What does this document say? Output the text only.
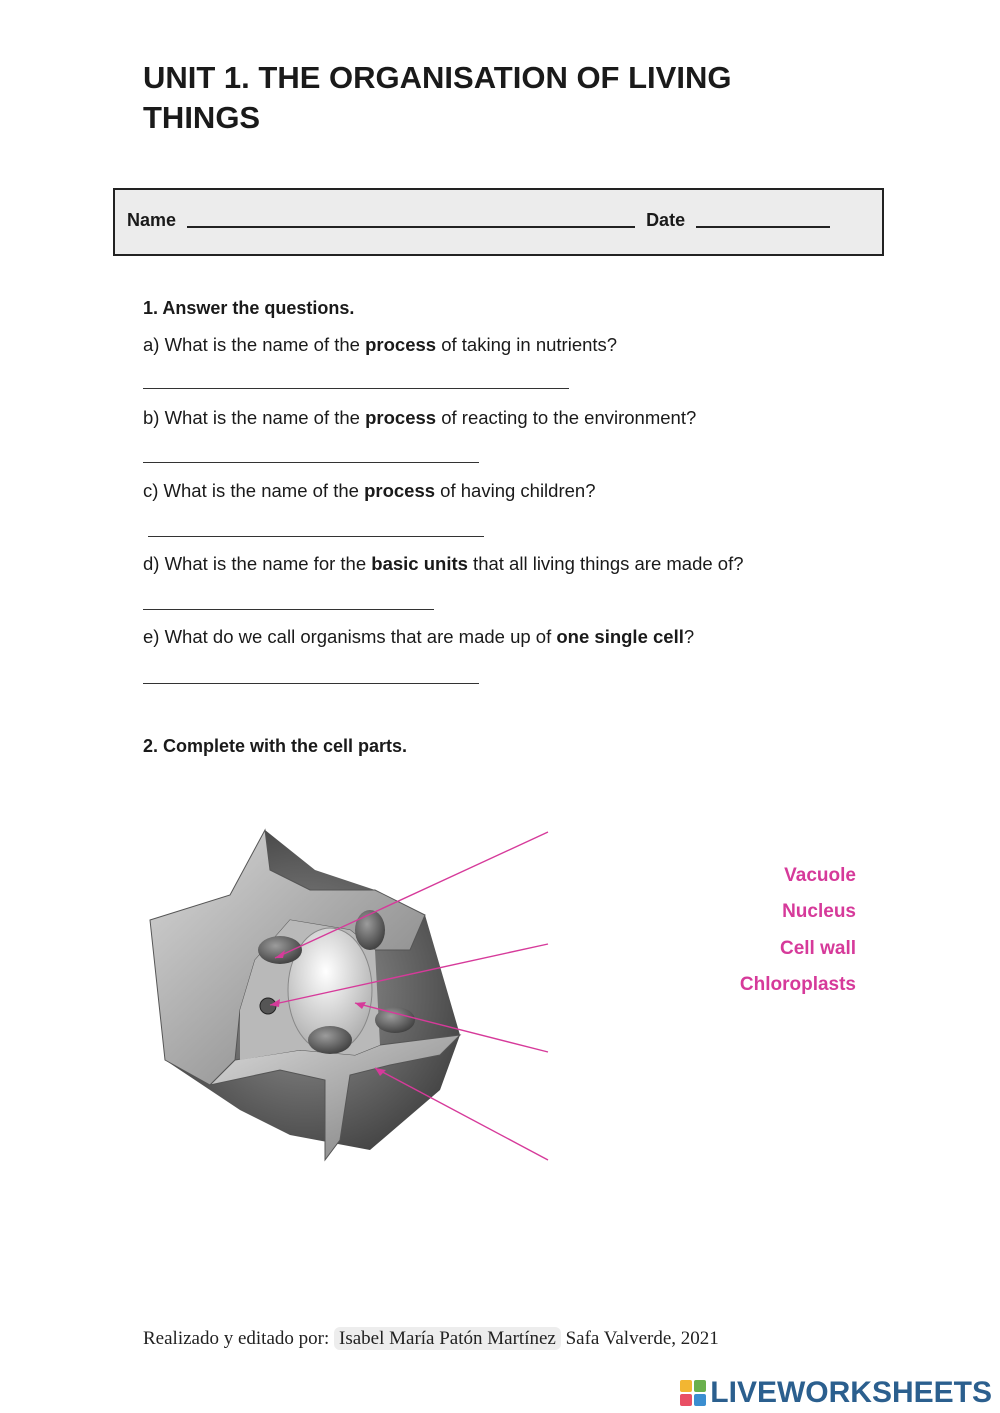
UNIT 1. THE ORGANISATION OF LIVING THINGS
Name	Date

1. Answer the questions.

a) What is the name of the process of taking in nutrients?

b) What is the name of the process of reacting to the environment?

c) What is the name of the process of having children?

d) What is the name for the basic units that all living things are made of?

e) What do we call organisms that are made up of one single cell?

2. Complete with the cell parts.

Vacuole
Nucleus
Cell wall
Chloroplasts
Realizado y editado por: Isabel María Patón Martínez Safa Valverde, 2021
LIVEWORKSHEETS
